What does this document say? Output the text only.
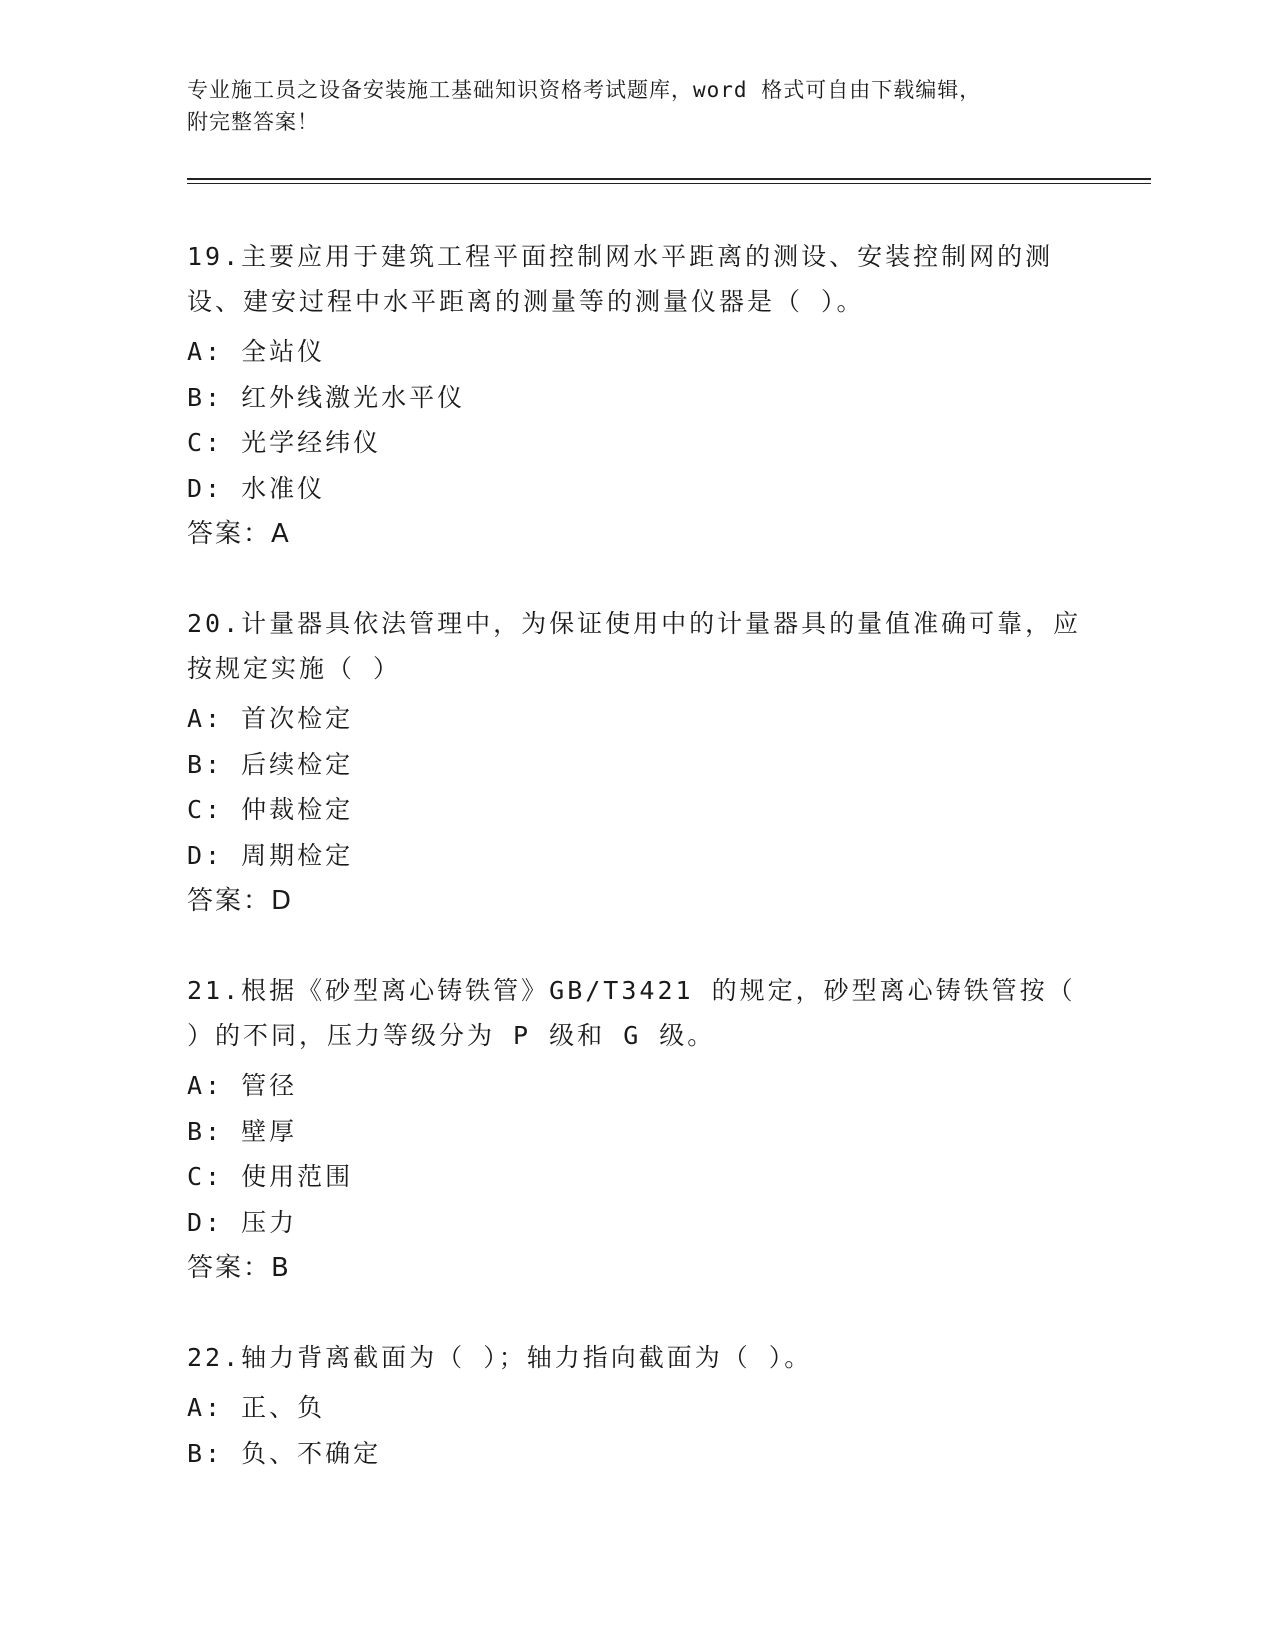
专业施工员之设备安装施工基础知识资格考试题库，word 格式可自由下载编辑，

附完整答案！

19.主要应用于建筑工程平面控制网水平距离的测设、安装控制网的测设、建安过程中水平距离的测量等的测量仪器是（ ）。

A: 全站仪

B: 红外线激光水平仪

C: 光学经纬仪

D: 水准仪

答案：A

20.计量器具依法管理中，为保证使用中的计量器具的量值准确可靠，应按规定实施（ ）

A: 首次检定

B: 后续检定

C: 仲裁检定

D: 周期检定

答案：D

21.根据《砂型离心铸铁管》GB/T3421 的规定，砂型离心铸铁管按（ ）的不同，压力等级分为 P 级和 G 级。

A: 管径

B: 壁厚

C: 使用范围

D: 压力

答案：B

22.轴力背离截面为（ ）；轴力指向截面为（ ）。

A: 正、负

B: 负、不确定
